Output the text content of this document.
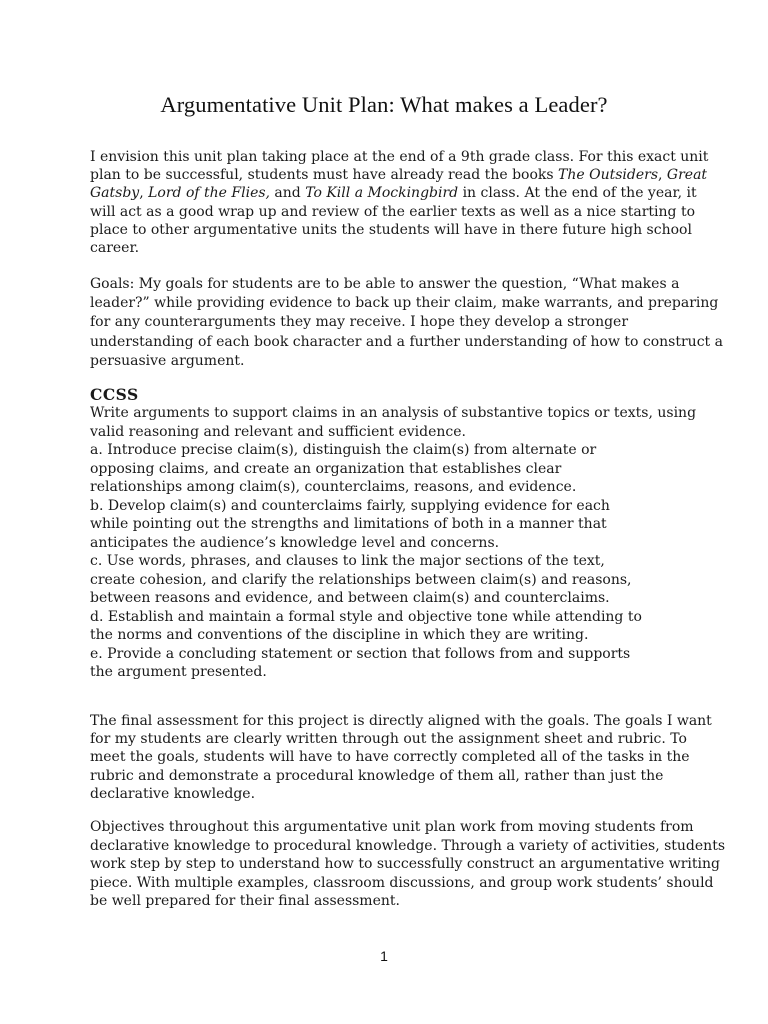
Argumentative Unit Plan: What makes a Leader?
I envision this unit plan taking place at the end of a 9th grade class. For this exact unit
plan to be successful, students must have already read the books The Outsiders, Great
Gatsby, Lord of the Flies, and To Kill a Mockingbird in class. At the end of the year, it
will act as a good wrap up and review of the earlier texts as well as a nice starting to
place to other argumentative units the students will have in there future high school
career.
Goals: My goals for students are to be able to answer the question, “What makes a
leader?” while providing evidence to back up their claim, make warrants, and preparing
for any counterarguments they may receive. I hope they develop a stronger
understanding of each book character and a further understanding of how to construct a
persuasive argument.
CCSS
Write arguments to support claims in an analysis of substantive topics or texts, using
valid reasoning and relevant and sufficient evidence.
a. Introduce precise claim(s), distinguish the claim(s) from alternate or
opposing claims, and create an organization that establishes clear
relationships among claim(s), counterclaims, reasons, and evidence.
b. Develop claim(s) and counterclaims fairly, supplying evidence for each
while pointing out the strengths and limitations of both in a manner that
anticipates the audience’s knowledge level and concerns.
c. Use words, phrases, and clauses to link the major sections of the text,
create cohesion, and clarify the relationships between claim(s) and reasons,
between reasons and evidence, and between claim(s) and counterclaims.
d. Establish and maintain a formal style and objective tone while attending to
the norms and conventions of the discipline in which they are writing.
e. Provide a concluding statement or section that follows from and supports
the argument presented.
The final assessment for this project is directly aligned with the goals. The goals I want
for my students are clearly written through out the assignment sheet and rubric. To
meet the goals, students will have to have correctly completed all of the tasks in the
rubric and demonstrate a procedural knowledge of them all, rather than just the
declarative knowledge.
Objectives throughout this argumentative unit plan work from moving students from
declarative knowledge to procedural knowledge. Through a variety of activities, students
work step by step to understand how to successfully construct an argumentative writing
piece. With multiple examples, classroom discussions, and group work students’ should
be well prepared for their final assessment.
1
